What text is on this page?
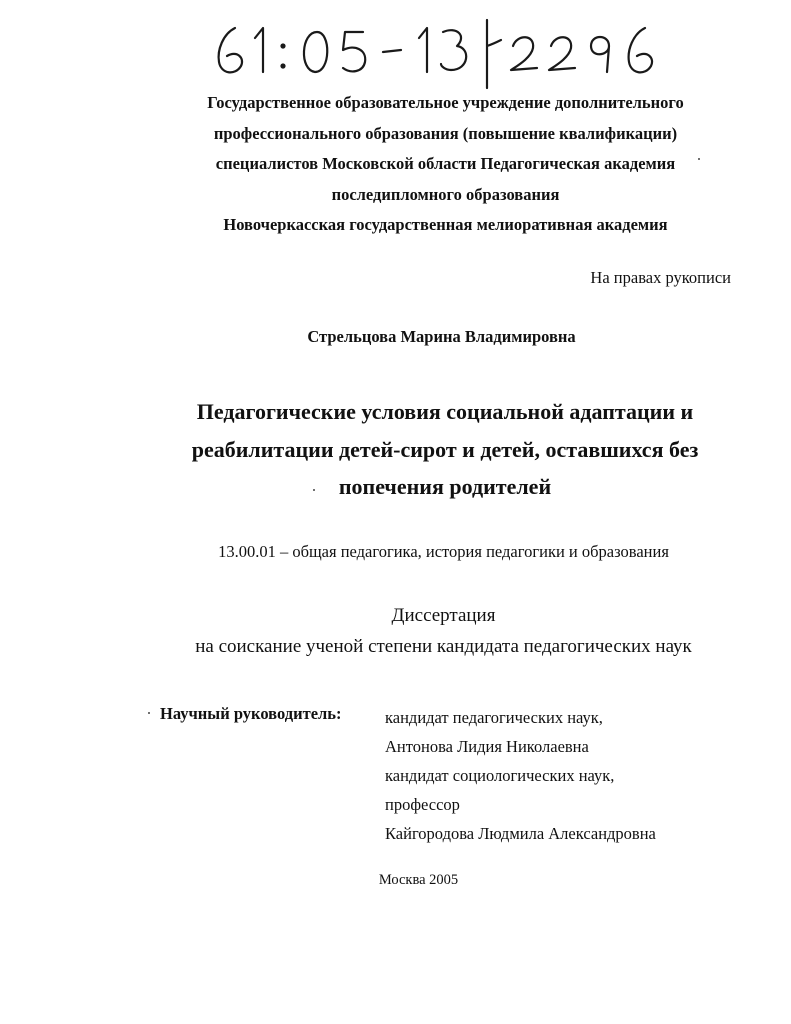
Государственное образовательное учреждение дополнительного
профессионального образования (повышение квалификации)
специалистов Московской области Педагогическая академия
последипломного образования
Новочеркасская государственная мелиоративная академия
На правах рукописи
Стрельцова Марина Владимировна
Педагогические условия социальной адаптации и
реабилитации детей-сирот и детей, оставшихся без
попечения родителей
13.00.01 – общая педагогика, история педагогики и образования
Диссертация
на соискание ученой степени кандидата педагогических наук
Научный руководитель:	кандидат педагогических наук,
Антонова Лидия Николаевна
кандидат социологических наук,
профессор
Кайгородова Людмила Александровна
Москва 2005
